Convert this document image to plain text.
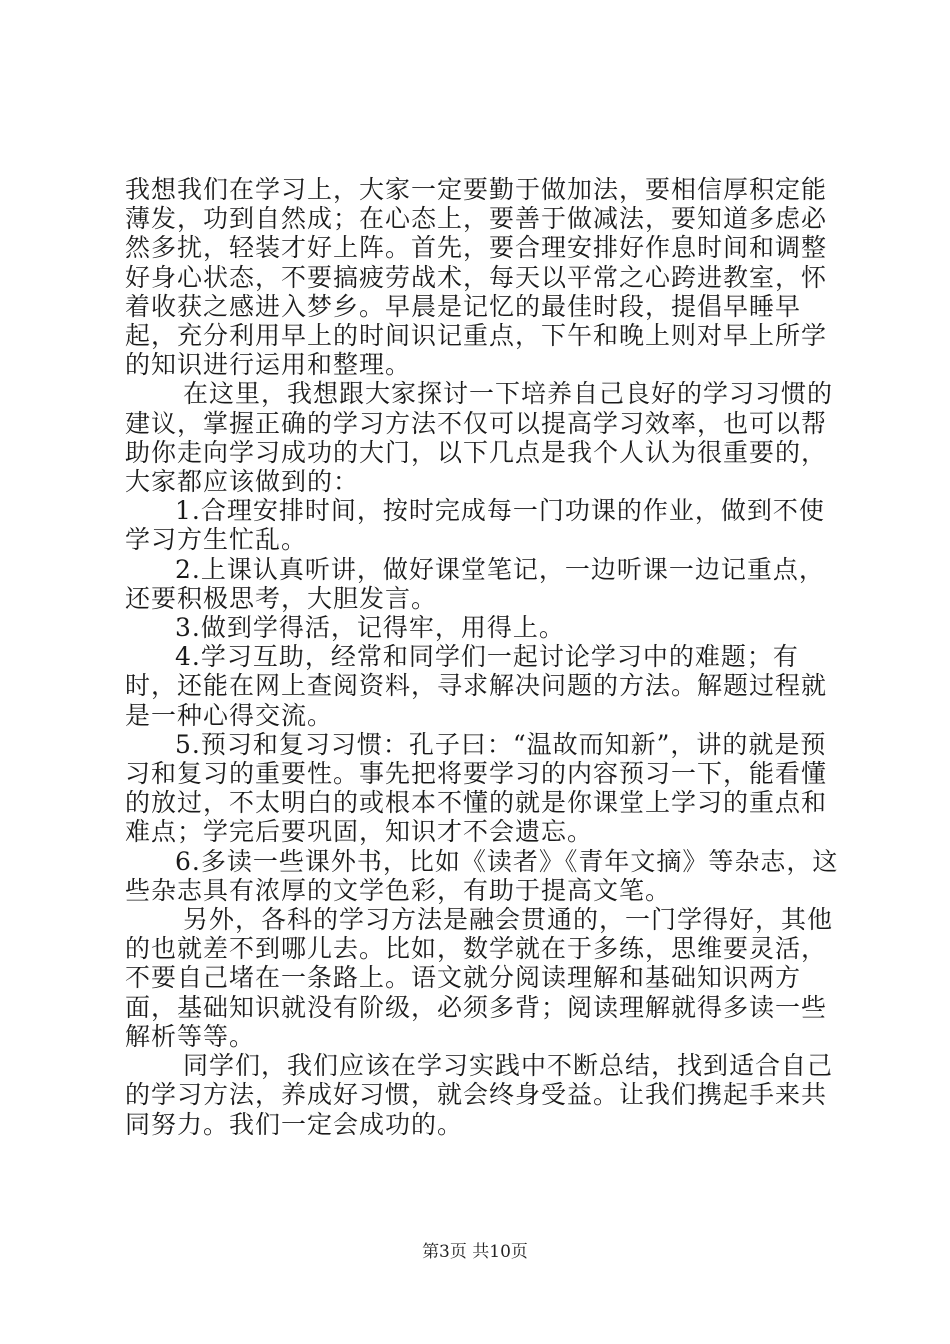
我想我们在学习上，大家一定要勤于做加法，要相信厚积定能薄发，功到自然成；在心态上，要善于做减法，要知道多虑必然多扰，轻装才好上阵。首先，要合理安排好作息时间和调整好身心状态，不要搞疲劳战术，每天以平常之心跨进教室，怀着收获之感进入梦乡。早晨是记忆的最佳时段，提倡早睡早起，充分利用早上的时间识记重点，下午和晚上则对早上所学的知识进行运用和整理。

在这里，我想跟大家探讨一下培养自己良好的学习习惯的建议，掌握正确的学习方法不仅可以提高学习效率，也可以帮助你走向学习成功的大门，以下几点是我个人认为很重要的，大家都应该做到的：

1.合理安排时间，按时完成每一门功课的作业，做到不使学习方生忙乱。

2.上课认真听讲，做好课堂笔记，一边听课一边记重点，还要积极思考，大胆发言。

3.做到学得活，记得牢，用得上。

4.学习互助，经常和同学们一起讨论学习中的难题；有时，还能在网上查阅资料，寻求解决问题的方法。解题过程就是一种心得交流。

5.预习和复习习惯：孔子曰：“温故而知新”，讲的就是预习和复习的重要性。事先把将要学习的内容预习一下，能看懂的放过，不太明白的或根本不懂的就是你课堂上学习的重点和难点；学完后要巩固，知识才不会遗忘。

6.多读一些课外书，比如《读者》《青年文摘》等杂志，这些杂志具有浓厚的文学色彩，有助于提高文笔。

另外，各科的学习方法是融会贯通的，一门学得好，其他的也就差不到哪儿去。比如，数学就在于多练，思维要灵活，不要自己堵在一条路上。语文就分阅读理解和基础知识两方面，基础知识就没有阶级，必须多背；阅读理解就得多读一些解析等等。

同学们，我们应该在学习实践中不断总结，找到适合自己的学习方法，养成好习惯，就会终身受益。让我们携起手来共同努力。我们一定会成功的。

第3页 共10页
